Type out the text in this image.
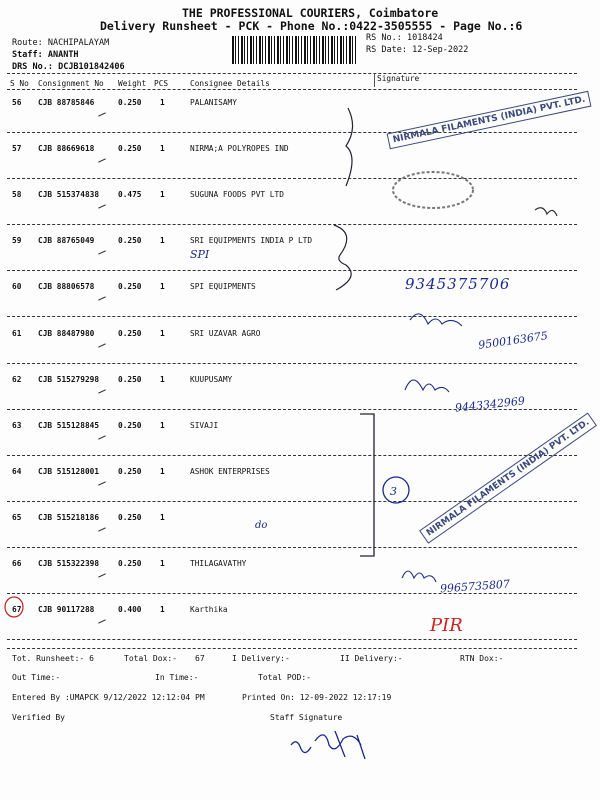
THE PROFESSIONAL COURIERS, Coimbatore
Delivery Runsheet - PCK - Phone No.:0422-3505555 - Page No.:6
Route: NACHIPALAYAM
Staff: ANANTH
DRS No.: DCJB101842406
RS No.: 1018424
RS Date: 12-Sep-2022
S No Consignment No Weight PCS	Consignee Details
Signature
56 CJB 88785846	0.250 1	PALANISAMY
57 CJB 88669618	0.250 1	NIRMA;A POLYROPES IND
58 CJB 515374838 0.475 1	SUGUNA FOODS PVT LTD
59 CJB 88765049	0.250 1	SRI EQUIPMENTS INDIA P LTD
60 CJB 88806578	0.250 1	SPI EQUIPMENTS
61 CJB 88487980	0.250 1	SRI UZAVAR AGRO
62 CJB 515279298 0.250 1	KUUPUSAMY
63 CJB 515128845 0.250 1	SIVAJI
64 CJB 515128001 0.250 1	ASHOK ENTERPRISES
65 CJB 515218186 0.250 1
66 CJB 515322398 0.250 1	THILAGAVATHY
67 CJB 90117288	0.400 1	Karthika
NIRMALA FILAMENTS (INDIA) PVT. LTD.
NIRMALA FILAMENTS (INDIA) PVT. LTD.
SPI
9345375706
9500163675
9443342969
3
9965735807
PIR
do
Tot. Runsheet:- 6	Total Dox:- 67	I Delivery:-	II Delivery:-	RTN Dox:-
Out Time:-	In Time:-	Total POD:-
Entered By :UMAPCK 9/12/2022 12:12:04 PM	Printed On: 12-09-2022 12:17:19
Verified By	Staff Signature
